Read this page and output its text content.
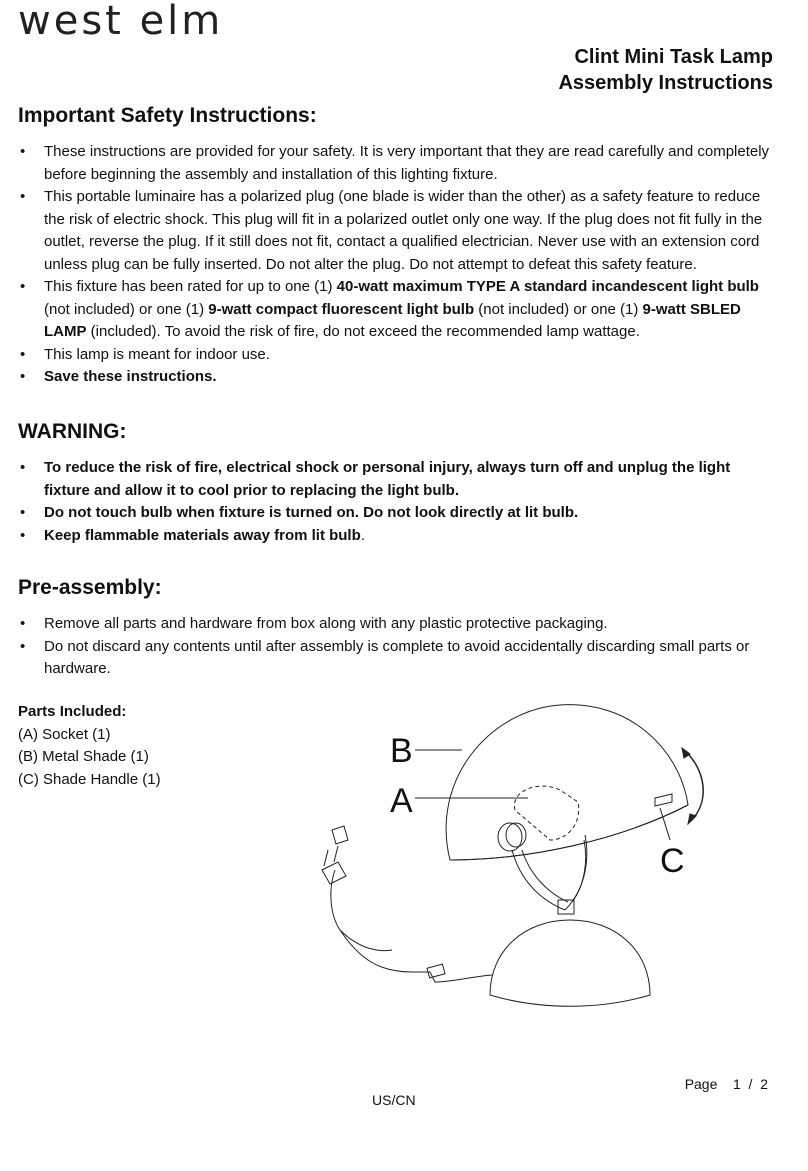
west elm
Clint Mini Task Lamp
Assembly Instructions
Important Safety Instructions:
• These instructions are provided for your safety. It is very important that they are read carefully and completely before beginning the assembly and installation of this lighting fixture.
• This portable luminaire has a polarized plug (one blade is wider than the other) as a safety feature to reduce the risk of electric shock. This plug will fit in a polarized outlet only one way. If the plug does not fit fully in the outlet, reverse the plug. If it still does not fit, contact a qualified electrician. Never use with an extension cord unless plug can be fully inserted. Do not alter the plug. Do not attempt to defeat this safety feature.
• This fixture has been rated for up to one (1) 40-watt maximum TYPE A standard incandescent light bulb (not included) or one (1) 9-watt compact fluorescent light bulb (not included) or one (1) 9-watt SBLED LAMP (included). To avoid the risk of fire, do not exceed the recommended lamp wattage.
• This lamp is meant for indoor use.
• Save these instructions.
WARNING:
• To reduce the risk of fire, electrical shock or personal injury, always turn off and unplug the light fixture and allow it to cool prior to replacing the light bulb.
• Do not touch bulb when fixture is turned on. Do not look directly at lit bulb.
• Keep flammable materials away from lit bulb.
Pre-assembly:
• Remove all parts and hardware from box along with any plastic protective packaging.
• Do not discard any contents until after assembly is complete to avoid accidentally discarding small parts or hardware.
Parts Included:
(A) Socket (1)
(B) Metal Shade (1)
(C) Shade Handle (1)
B
A
C
Page 1 / 2
US/CN
